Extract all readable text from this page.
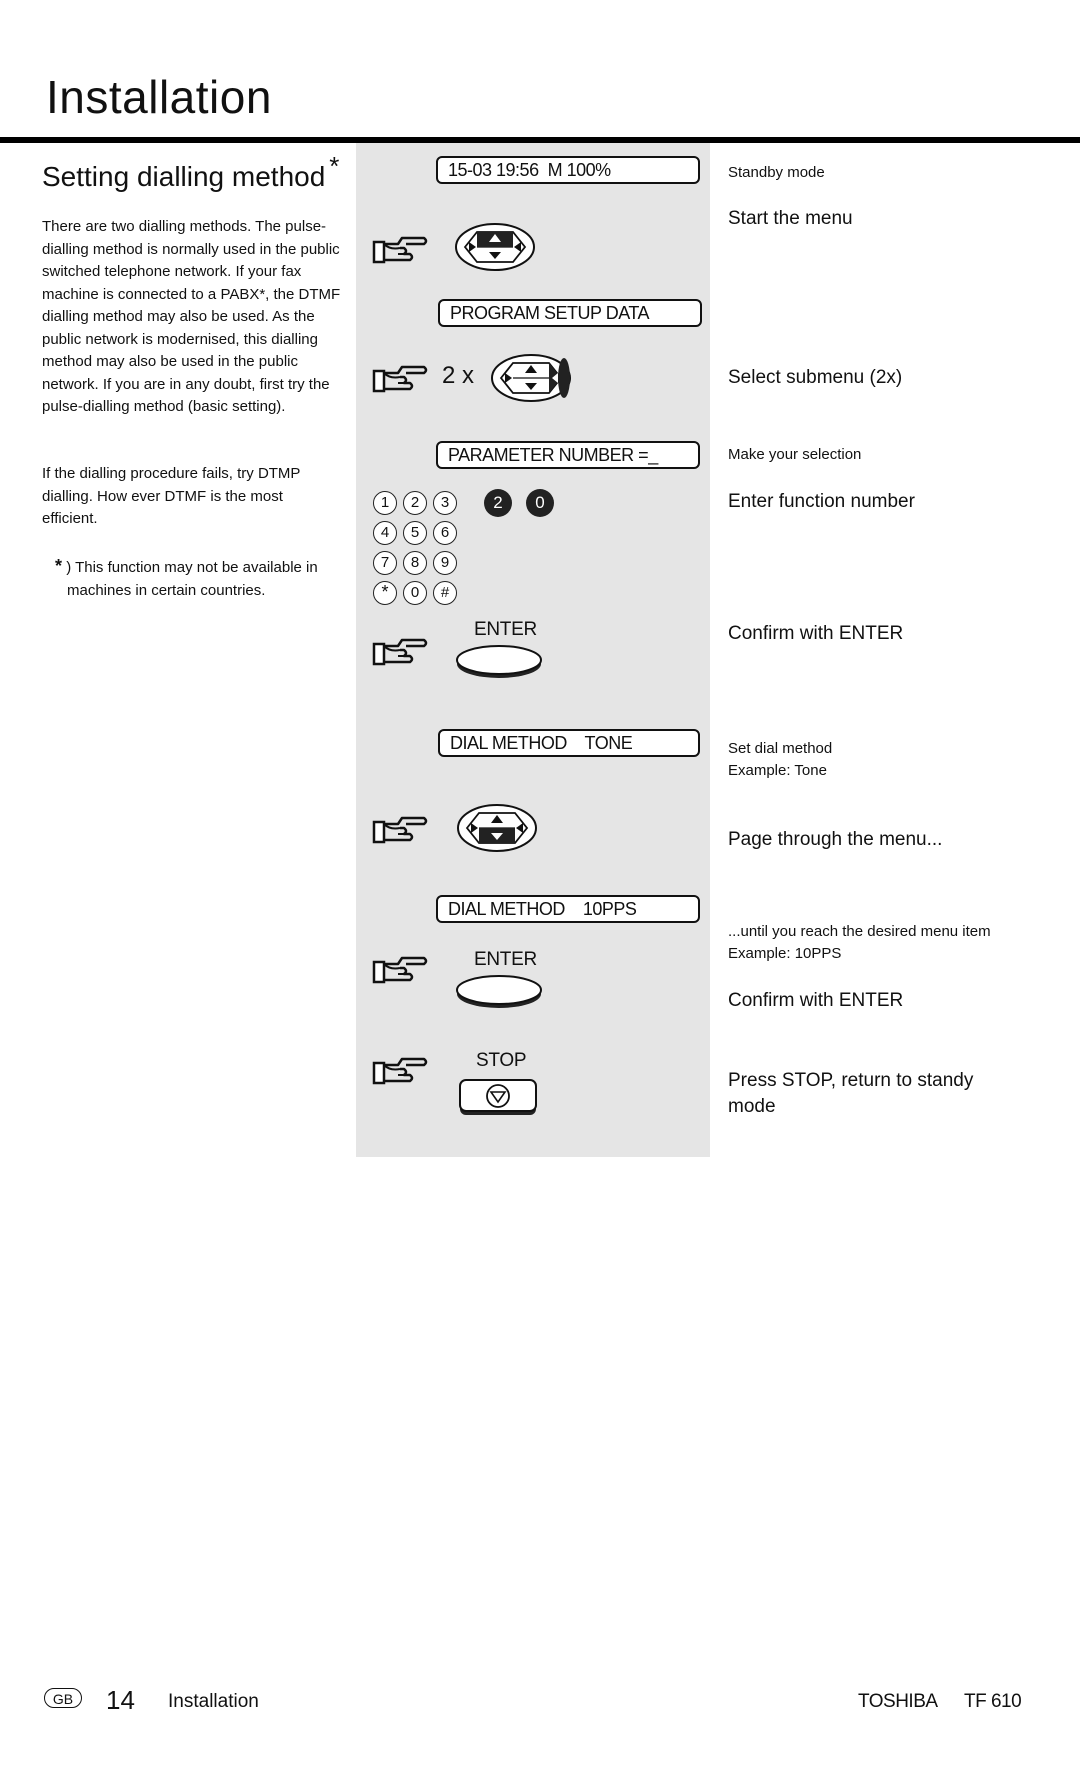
Installation
Setting dialling method *
There are two dialling methods. The pulse-dialling method is normally used in the public switched telephone network. If your fax machine is connected to a PABX*, the DTMF dialling method may also be used. As the public network is modernised, this dialling method may also be used in the public network. If you are in any doubt, first try the pulse-dialling method (basic setting).
If the dialling procedure fails, try DTMP dialling. How ever DTMF is the most efficient.
* ) This function may not be available in machines in certain countries.
15-03 19:56  M 100%
PROGRAM SETUP DATA
2 x
PARAMETER NUMBER =_
1	2	3
4	5	6
7	8	9
*	0	#
2	0
ENTER
DIAL METHOD    TONE
DIAL METHOD    10PPS
ENTER
STOP
Standby mode
Start the menu
Select submenu (2x)
Make your selection
Enter function number
Confirm with ENTER
Set dial method
Example: Tone
Page through the menu...
...until you reach the desired menu item
Example: 10PPS
Confirm with ENTER
Press STOP, return to standy
mode
GB	14 Installation	TOSHIBA TF 610
